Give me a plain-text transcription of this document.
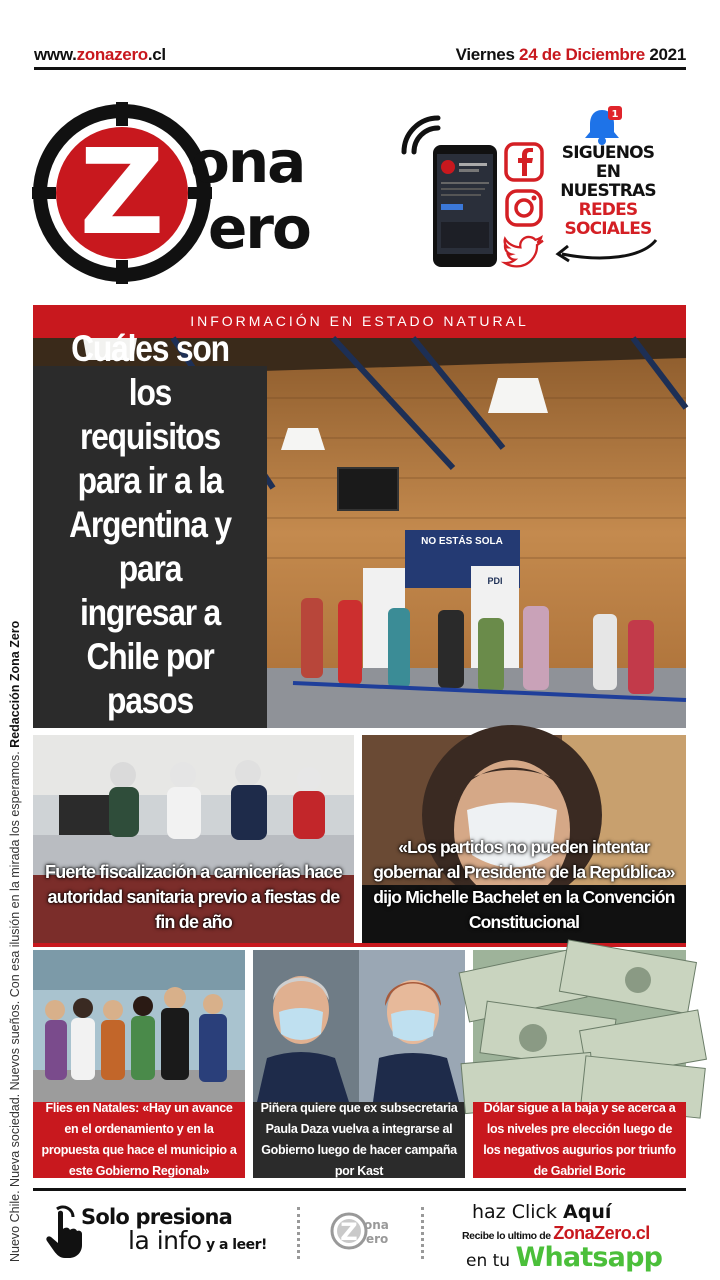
www.zonazero.cl	Viernes 24 de Diciembre 2021
Z ona
ero
1
SIGUENOS
EN
NUESTRAS
REDES
SOCIALES
INFORMACIÓN EN ESTADO NATURAL
NO ESTÁS SOLA
PDI
Cuáles son los requisitos para ir a la Argentina y para ingresar a Chile por pasos
Fuerte fiscalización a carnicerías hace autoridad sanitaria previo a fiestas de fin de año
«Los partidos no pueden intentar gobernar al Presidente de la República» dijo Michelle Bachelet en la Convención Constitucional
Flies en Natales: «Hay un avance en el ordenamiento y en la propuesta que hace el municipio a este Gobierno Regional»
Piñera quiere que ex subsecretaria Paula Daza vuelva a integrarse al Gobierno luego de hacer campaña por Kast
Dólar sigue a la baja y se acerca a los niveles pre elección luego de los negativos augurios por triunfo de Gabriel Boric
Nuevo Chile. Nueva sociedad. Nuevos sueños. Con esa ilusión en la mirada los esperamos. Redacción Zona Zero
Solo presiona
la info y a leer!	Z ona
ero
haz Click Aquí
Recibe lo ultimo de ZonaZero.cl
en tu Whatsapp
